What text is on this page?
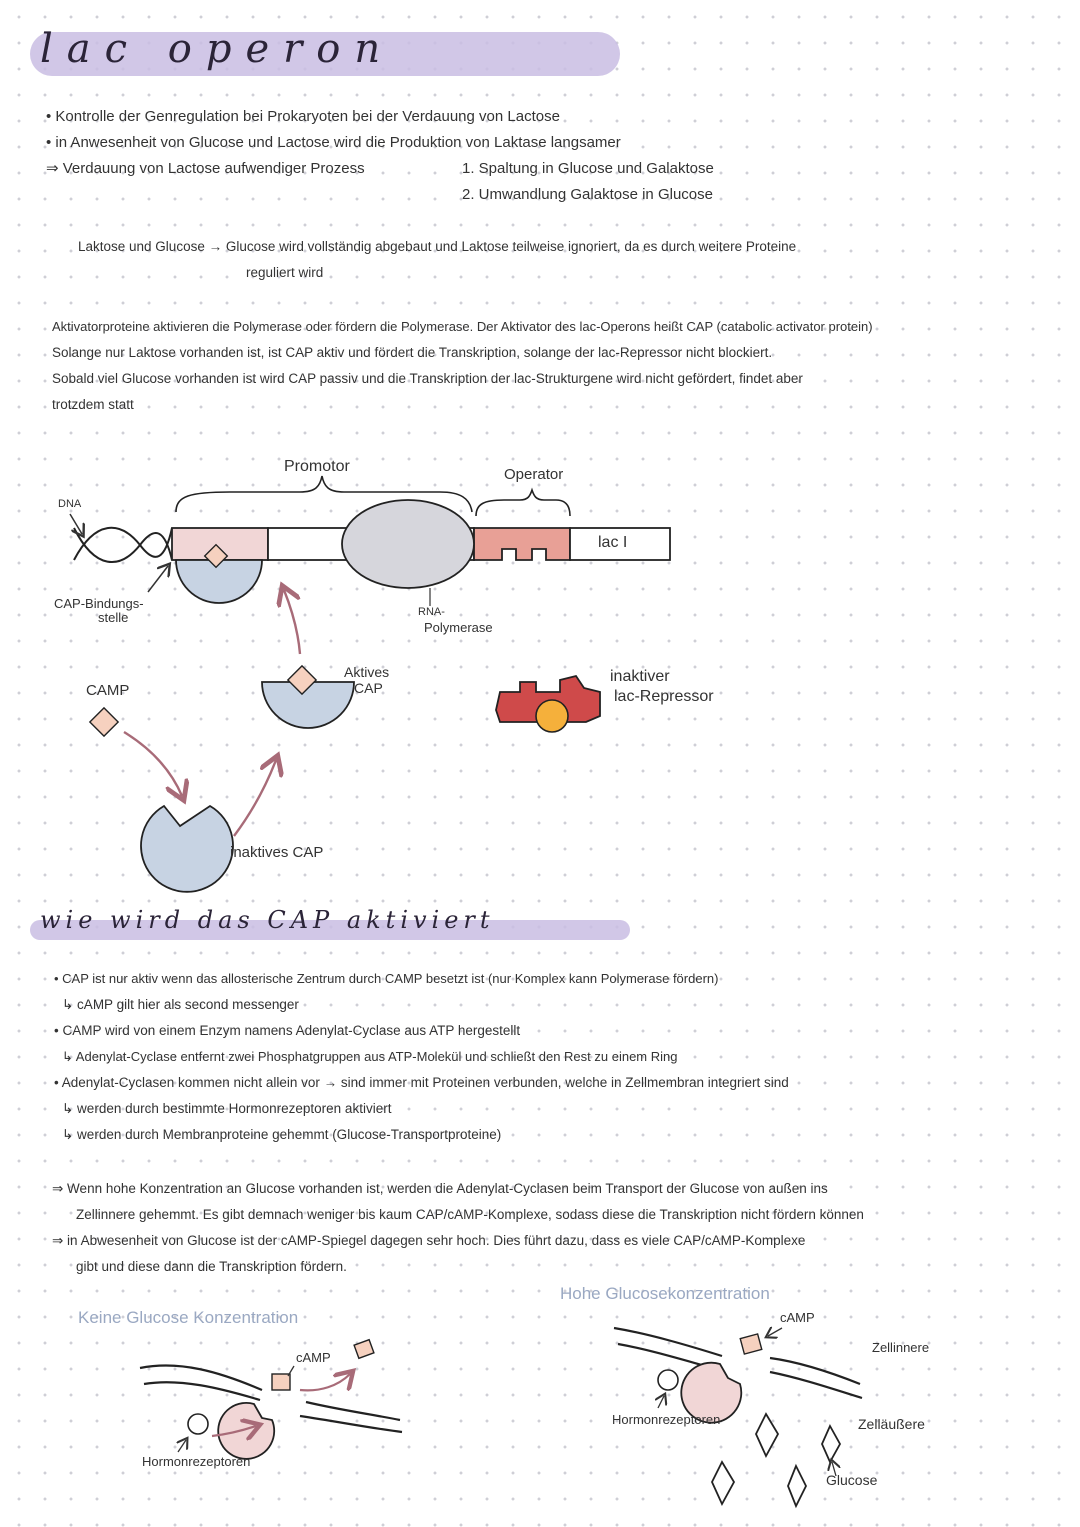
lac operon
• Kontrolle der Genregulation bei Prokaryoten bei der Verdauung von Lactose
• in Anwesenheit von Glucose und Lactose wird die Produktion von Laktase langsamer
⇒ Verdauung von Lactose aufwendiger Prozess	1. Spaltung in Glucose und Galaktose
2. Umwandlung Galaktose in Glucose
Laktose und Glucose → Glucose wird vollständig abgebaut und Laktose teilweise ignoriert, da es durch weitere Proteine
reguliert wird
Aktivatorproteine aktivieren die Polymerase oder fördern die Polymerase. Der Aktivator des lac-Operons heißt CAP (catabolic activator protein)
Solange nur Laktose vorhanden ist, ist CAP aktiv und fördert die Transkription, solange der lac-Repressor nicht blockiert.
Sobald viel Glucose vorhanden ist wird CAP passiv und die Transkription der lac-Strukturgene wird nicht gefördert, findet aber
trotzdem statt
DNA
Promotor	Operator
lac I
CAP-Bindungs-
stelle	RNA-
Polymerase
CAMP
Aktives
CAP
inaktiver
lac-Repressor
inaktives CAP
wie wird das CAP aktiviert
• CAP ist nur aktiv wenn das allosterische Zentrum durch CAMP besetzt ist (nur Komplex kann Polymerase fördern)
↳ cAMP gilt hier als second messenger
• CAMP wird von einem Enzym namens Adenylat-Cyclase aus ATP hergestellt
↳ Adenylat-Cyclase entfernt zwei Phosphatgruppen aus ATP-Molekül und schließt den Rest zu einem Ring
• Adenylat-Cyclasen kommen nicht allein vor → sind immer mit Proteinen verbunden, welche in Zellmembran integriert sind
↳ werden durch bestimmte Hormonrezeptoren aktiviert
↳ werden durch Membranproteine gehemmt (Glucose-Transportproteine)
⇒ Wenn hohe Konzentration an Glucose vorhanden ist, werden die Adenylat-Cyclasen beim Transport der Glucose von außen ins
Zellinnere gehemmt. Es gibt demnach weniger bis kaum CAP/cAMP-Komplexe, sodass diese die Transkription nicht fördern können
⇒ in Abwesenheit von Glucose ist der cAMP-Spiegel dagegen sehr hoch. Dies führt dazu, dass es viele CAP/cAMP-Komplexe
gibt und diese dann die Transkription fördern.
Keine Glucose Konzentration
cAMP
Hormonrezeptoren
Hohe Glucosekonzentration
cAMP
Zellinnere
Hormonrezeptoren	Zelläußere
Glucose
